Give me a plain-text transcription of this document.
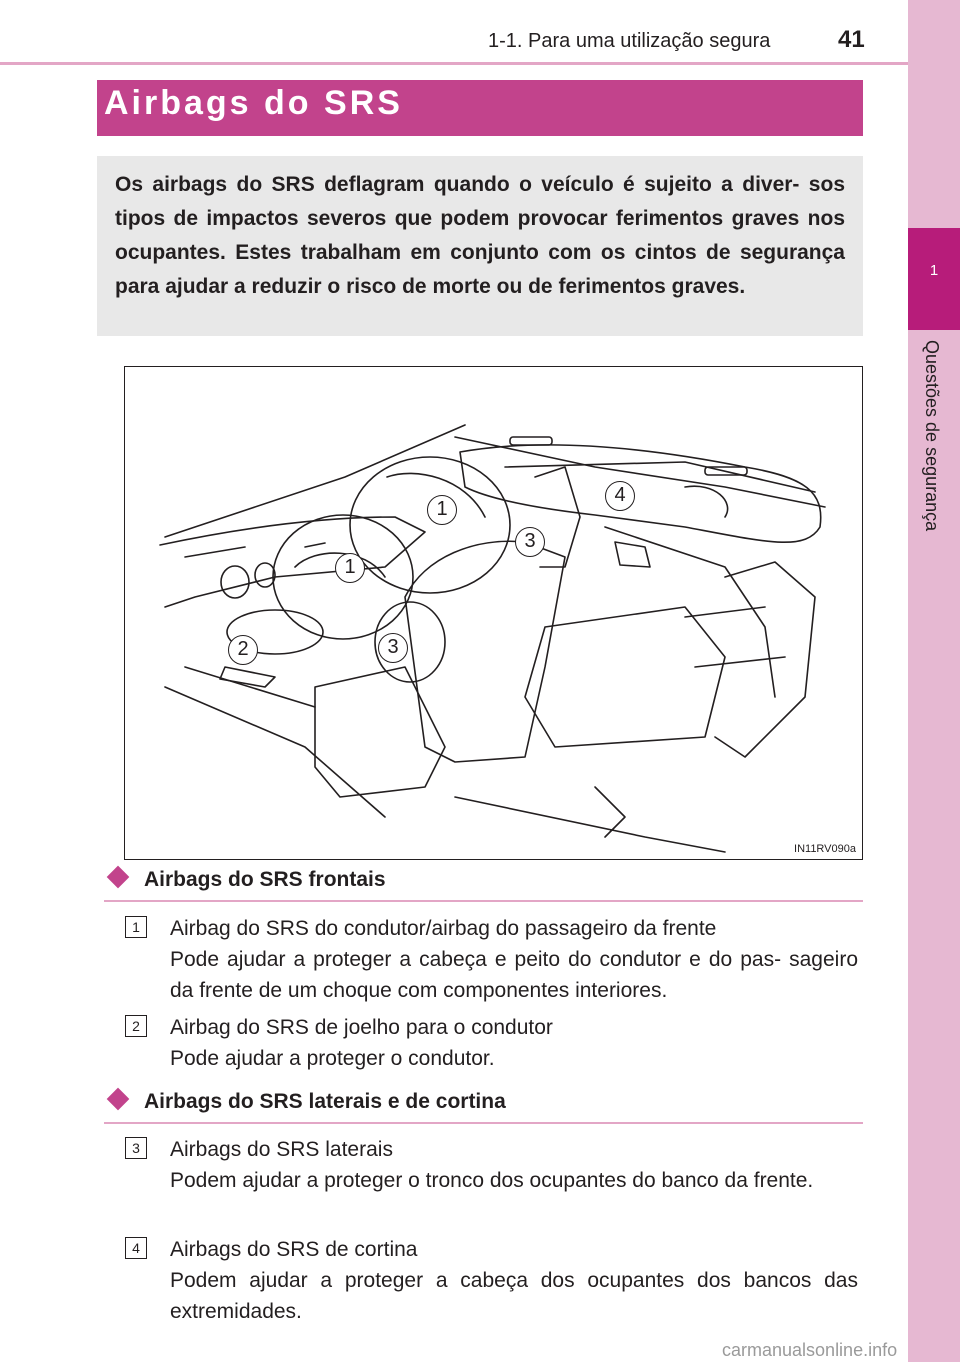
1-1. Para uma utilização segura	41
1
Questões de segurança
Airbags do SRS

Os airbags do SRS deflagram quando o veículo é sujeito a diver- sos tipos de impactos severos que podem provocar ferimentos graves nos ocupantes. Estes trabalham em conjunto com os cintos de segurança para ajudar a reduzir o risco de morte ou de ferimentos graves.

1
1
2	3
3
4
IN11RV090a
Airbags do SRS frontais
1	Airbag do SRS do condutor/airbag do passageiro da frente
Pode ajudar a proteger a cabeça e peito do condutor e do pas- sageiro da frente de um choque com componentes interiores.
2	Airbag do SRS de joelho para o condutor
Pode ajudar a proteger o condutor.
Airbags do SRS laterais e de cortina
3	Airbags do SRS laterais
Podem ajudar a proteger o tronco dos ocupantes do banco da frente.
4	Airbags do SRS de cortina
Podem ajudar a proteger a cabeça dos ocupantes dos bancos das extremidades.
carmanualsonline.info
